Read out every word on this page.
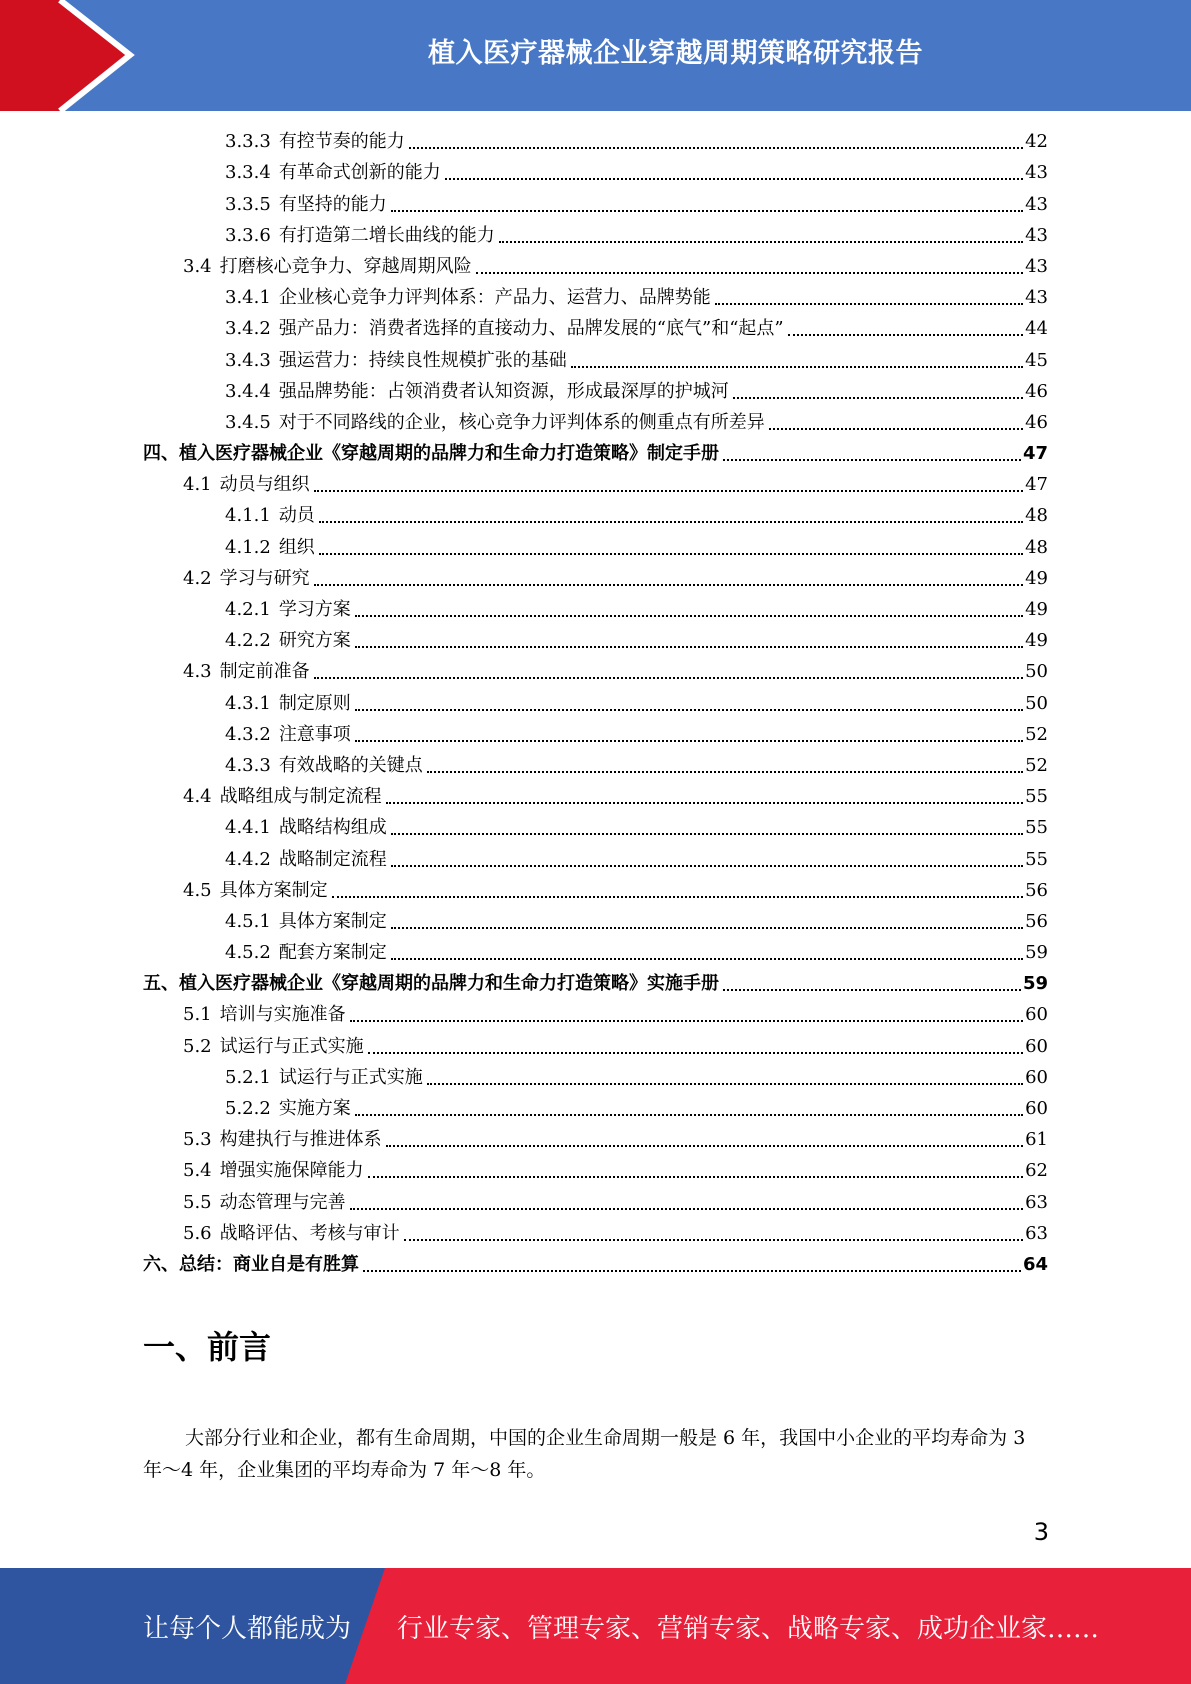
植入医疗器械企业穿越周期策略研究报告
3.3.3 有控节奏的能力	42
3.3.4 有革命式创新的能力	43
3.3.5 有坚持的能力	43
3.3.6 有打造第二增长曲线的能力	43
3.4 打磨核心竞争力、穿越周期风险	43
3.4.1 企业核心竞争力评判体系：产品力、运营力、品牌势能	43
3.4.2 强产品力：消费者选择的直接动力、品牌发展的“底气”和“起点”	44
3.4.3 强运营力：持续良性规模扩张的基础	45
3.4.4 强品牌势能：占领消费者认知资源，形成最深厚的护城河	46
3.4.5 对于不同路线的企业，核心竞争力评判体系的侧重点有所差异	46
四、植入医疗器械企业《穿越周期的品牌力和生命力打造策略》制定手册	47
4.1 动员与组织	47
4.1.1 动员	48
4.1.2 组织	48
4.2 学习与研究	49
4.2.1 学习方案	49
4.2.2 研究方案	49
4.3 制定前准备	50
4.3.1 制定原则	50
4.3.2 注意事项	52
4.3.3 有效战略的关键点	52
4.4 战略组成与制定流程	55
4.4.1 战略结构组成	55
4.4.2 战略制定流程	55
4.5 具体方案制定	56
4.5.1 具体方案制定	56
4.5.2 配套方案制定	59
五、植入医疗器械企业《穿越周期的品牌力和生命力打造策略》实施手册	59
5.1 培训与实施准备	60
5.2 试运行与正式实施	60
5.2.1 试运行与正式实施	60
5.2.2 实施方案	60
5.3 构建执行与推进体系	61
5.4 增强实施保障能力	62
5.5 动态管理与完善	63
5.6 战略评估、考核与审计	63
六、总结：商业自是有胜算	64
一、前言

大部分行业和企业，都有生命周期，中国的企业生命周期一般是 6 年，我国中小企业的平均寿命为 3 年～4 年，企业集团的平均寿命为 7 年～8 年。

3
让每个人都能成为 行业专家、管理专家、营销专家、战略专家、成功企业家……
